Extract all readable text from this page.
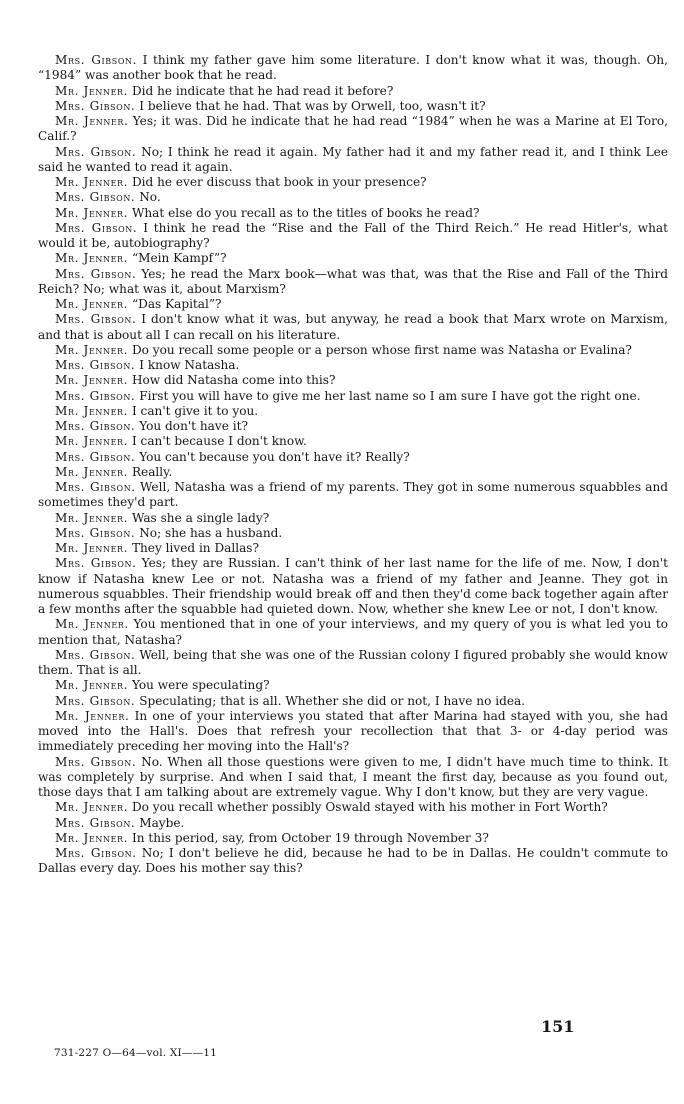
Mrs. Gibson. I think my father gave him some literature. I don't know what it was, though. Oh, “1984” was another book that he read.

Mr. Jenner. Did he indicate that he had read it before?

Mrs. Gibson. I believe that he had. That was by Orwell, too, wasn't it?

Mr. Jenner. Yes; it was. Did he indicate that he had read “1984” when he was a Marine at El Toro, Calif.?

Mrs. Gibson. No; I think he read it again. My father had it and my father read it, and I think Lee said he wanted to read it again.

Mr. Jenner. Did he ever discuss that book in your presence?

Mrs. Gibson. No.

Mr. Jenner. What else do you recall as to the titles of books he read?

Mrs. Gibson. I think he read the “Rise and the Fall of the Third Reich.” He read Hitler's, what would it be, autobiography?

Mr. Jenner. “Mein Kampf”?

Mrs. Gibson. Yes; he read the Marx book—what was that, was that the Rise and Fall of the Third Reich? No; what was it, about Marxism?

Mr. Jenner. “Das Kapital”?

Mrs. Gibson. I don't know what it was, but anyway, he read a book that Marx wrote on Marxism, and that is about all I can recall on his literature.

Mr. Jenner. Do you recall some people or a person whose first name was Natasha or Evalina?

Mrs. Gibson. I know Natasha.

Mr. Jenner. How did Natasha come into this?

Mrs. Gibson. First you will have to give me her last name so I am sure I have got the right one.

Mr. Jenner. I can't give it to you.

Mrs. Gibson. You don't have it?

Mr. Jenner. I can't because I don't know.

Mrs. Gibson. You can't because you don't have it? Really?

Mr. Jenner. Really.

Mrs. Gibson. Well, Natasha was a friend of my parents. They got in some numerous squabbles and sometimes they'd part.

Mr. Jenner. Was she a single lady?

Mrs. Gibson. No; she has a husband.

Mr. Jenner. They lived in Dallas?

Mrs. Gibson. Yes; they are Russian. I can't think of her last name for the life of me. Now, I don't know if Natasha knew Lee or not. Natasha was a friend of my father and Jeanne. They got in numerous squabbles. Their friendship would break off and then they'd come back together again after a few months after the squabble had quieted down. Now, whether she knew Lee or not, I don't know.

Mr. Jenner. You mentioned that in one of your interviews, and my query of you is what led you to mention that, Natasha?

Mrs. Gibson. Well, being that she was one of the Russian colony I figured probably she would know them. That is all.

Mr. Jenner. You were speculating?

Mrs. Gibson. Speculating; that is all. Whether she did or not, I have no idea.

Mr. Jenner. In one of your interviews you stated that after Marina had stayed with you, she had moved into the Hall's. Does that refresh your recollection that that 3- or 4-day period was immediately preceding her moving into the Hall's?

Mrs. Gibson. No. When all those questions were given to me, I didn't have much time to think. It was completely by surprise. And when I said that, I meant the first day, because as you found out, those days that I am talking about are extremely vague. Why I don't know, but they are very vague.

Mr. Jenner. Do you recall whether possibly Oswald stayed with his mother in Fort Worth?

Mrs. Gibson. Maybe.

Mr. Jenner. In this period, say, from October 19 through November 3?

Mrs. Gibson. No; I don't believe he did, because he had to be in Dallas. He couldn't commute to Dallas every day. Does his mother say this?

151
731-227 O—64—vol. XI——11
